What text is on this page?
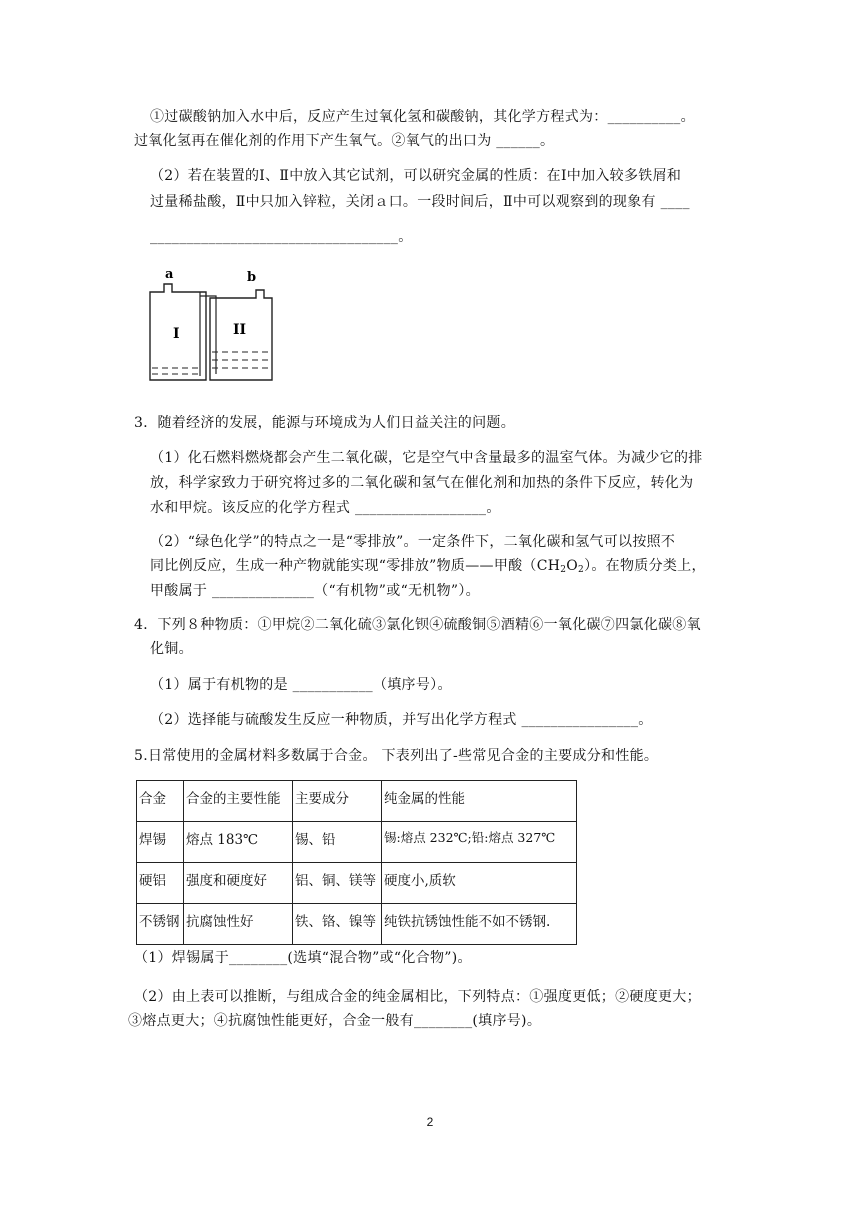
①过碳酸钠加入水中后，反应产生过氧化氢和碳酸钠，其化学方程式为：__________。
过氧化氢再在催化剂的作用下产生氧气。②氧气的出口为 ______。
（2）若在装置的Ⅰ、Ⅱ中放入其它试剂，可以研究金属的性质：在Ⅰ中加入较多铁屑和
过量稀盐酸，Ⅱ中只加入锌粒，关闭ａ口。一段时间后，Ⅱ中可以观察到的现象有 ____
__________________________________。
a	b
I	II
3．随着经济的发展，能源与环境成为人们日益关注的问题。
（1）化石燃料燃烧都会产生二氧化碳，它是空气中含量最多的温室气体。为减少它的排
放，科学家致力于研究将过多的二氧化碳和氢气在催化剂和加热的条件下反应，转化为
水和甲烷。该反应的化学方程式 __________________。
（2）“绿色化学”的特点之一是“零排放”。一定条件下，二氧化碳和氢气可以按照不
同比例反应，生成一种产物就能实现“零排放”物质——甲酸$(CH_2O_2)$。在物质分类上，
甲酸属于 ______________（“有机物”或“无机物”）。
4．下列８种物质：①甲烷②二氧化硫③氯化钡④硫酸铜⑤酒精⑥一氧化碳⑦四氯化碳⑧氧
化铜。
（1）属于有机物的是 ___________（填序号）。
（2）选择能与硫酸发生反应一种物质，并写出化学方程式 ________________。
5.日常使用的金属材料多数属于合金。 下表列出了-些常见合金的主要成分和性能。
合金	合金的主要性能	主要成分	纯金属的性能
焊锡	熔点 183℃	锡、铅	锡:熔点 232℃;铅:熔点 327℃
硬铝	强度和硬度好	铝、铜、镁等	硬度小,质软
不锈钢	抗腐蚀性好	铁、铬、镍等	纯铁抗锈蚀性能不如不锈钢.
（1）焊锡属于________(选填“混合物”或“化合物”)。
（2）由上表可以推断，与组成合金的纯金属相比，下列特点：①强度更低；②硬度更大；
③熔点更大；④抗腐蚀性能更好，合金一般有________(填序号)。
2
